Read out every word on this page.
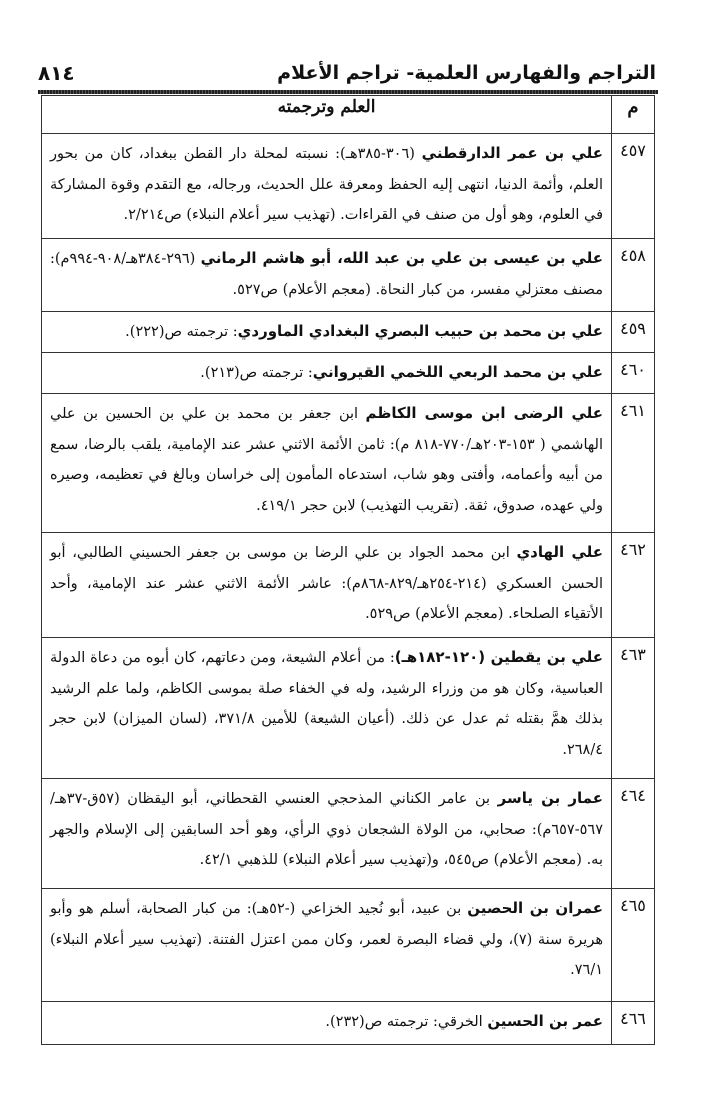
التراجم والفهارس العلمية- تراجم الأعلام
٨١٤
م	العلم وترجمته
٤٥٧	علي بن عمر الدارقطني (٣٠٦-٣٨٥هـ): نسبته لمحلة دار القطن ببغداد، كان من بحور العلم، وأئمة الدنيا، انتهى إليه الحفظ ومعرفة علل الحديث، ورجاله، مع التقدم وقوة المشاركة في العلوم، وهو أول من صنف في القراءات. (تهذيب سير أعلام النبلاء) ص٢/٢١٤.
٤٥٨	علي بن عيسى بن علي بن عبد الله، أبو هاشم الرماني (٢٩٦-٣٨٤هـ/٩٠٨-٩٩٤م): مصنف معتزلي مفسر، من كبار النحاة. (معجم الأعلام) ص٥٢٧.
٤٥٩	علي بن محمد بن حبيب البصري البغدادي الماوردي: ترجمته ص(٢٢٢).
٤٦٠	علي بن محمد الربعي اللخمي القيرواني: ترجمته ص(٢١٣).
٤٦١	علي الرضى ابن موسى الكاظم ابن جعفر بن محمد بن علي بن الحسين بن علي الهاشمي ( ١٥٣-٢٠٣هـ/٧٧٠-٨١٨ م): ثامن الأئمة الاثني عشر عند الإمامية، يلقب بالرضا، سمع من أبيه وأعمامه، وأفتى وهو شاب، استدعاه المأمون إلى خراسان وبالغ في تعظيمه، وصيره ولي عهده، صدوق، ثقة. (تقريب التهذيب) لابن حجر ٤١٩/١.
٤٦٢	علي الهادي ابن محمد الجواد بن علي الرضا بن موسى بن جعفر الحسيني الطالبي، أبو الحسن العسكري (٢١٤-٢٥٤هـ/٨٢٩-٨٦٨م): عاشر الأئمة الاثني عشر عند الإمامية، وأحد الأتقياء الصلحاء. (معجم الأعلام) ص٥٢٩.
٤٦٣	علي بن يقطين (١٢٠-١٨٢هـ): من أعلام الشيعة، ومن دعاتهم، كان أبوه من دعاة الدولة العباسية، وكان هو من وزراء الرشيد، وله في الخفاء صلة بموسى الكاظم، ولما علم الرشيد بذلك همَّ بقتله ثم عدل عن ذلك. (أعيان الشيعة) للأمين ٣٧١/٨، (لسان الميزان) لابن حجر ٢٦٨/٤.
٤٦٤	عمار بن ياسر بن عامر الكناني المذحجي العنسي القحطاني، أبو اليقظان (٥٧ق-٣٧هـ/ ٥٦٧-٦٥٧م): صحابي، من الولاة الشجعان ذوي الرأي، وهو أحد السابقين إلى الإسلام والجهر به. (معجم الأعلام) ص٥٤٥، و(تهذيب سير أعلام النبلاء) للذهبي ٤٢/١.
٤٦٥	عمران بن الحصين بن عبيد، أبو نُجيد الخزاعي (-٥٢هـ): من كبار الصحابة، أسلم هو وأبو هريرة سنة (٧)، ولي قضاء البصرة لعمر، وكان ممن اعتزل الفتنة. (تهذيب سير أعلام النبلاء) ٧٦/١.
٤٦٦	عمر بن الحسين الخرقي: ترجمته ص(٢٣٢).
